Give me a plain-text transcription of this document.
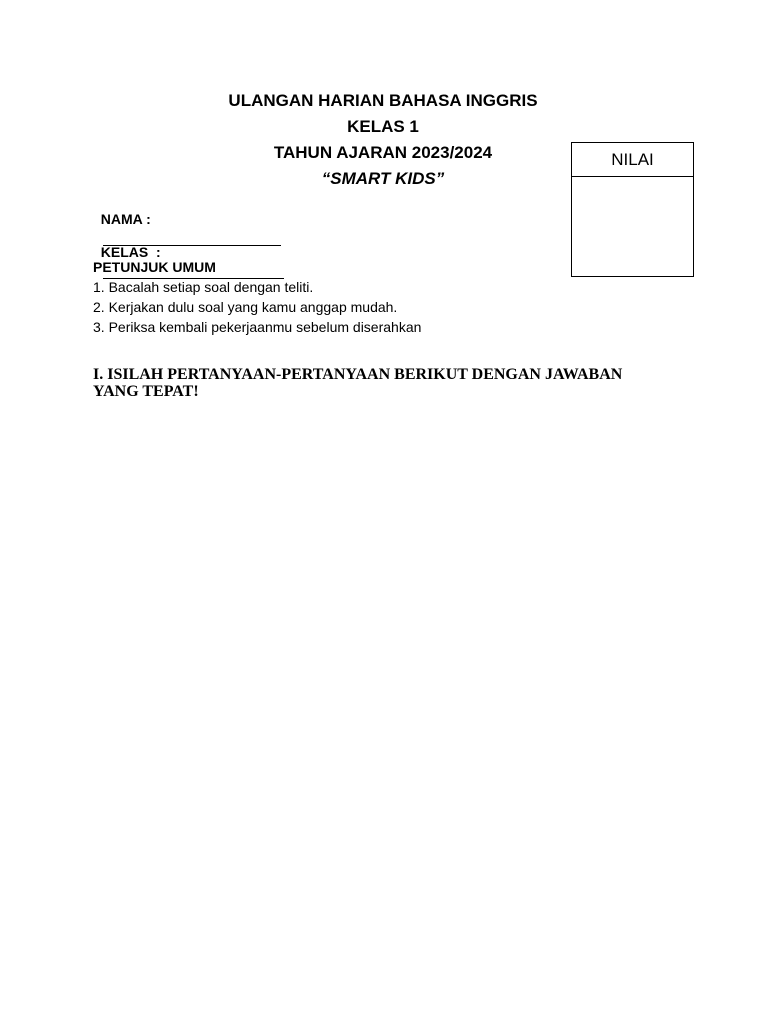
ULANGAN HARIAN BAHASA INGGRIS
KELAS 1
TAHUN AJARAN 2023/2024
“SMART KIDS”
NILAI

NAMA :

KELAS  :

PETUNJUK UMUM
1. Bacalah setiap soal dengan teliti.
2. Kerjakan dulu soal yang kamu anggap mudah.
3. Periksa kembali pekerjaanmu sebelum diserahkan
I. ISILAH PERTANYAAN-PERTANYAAN BERIKUT DENGAN JAWABAN YANG TEPAT!
